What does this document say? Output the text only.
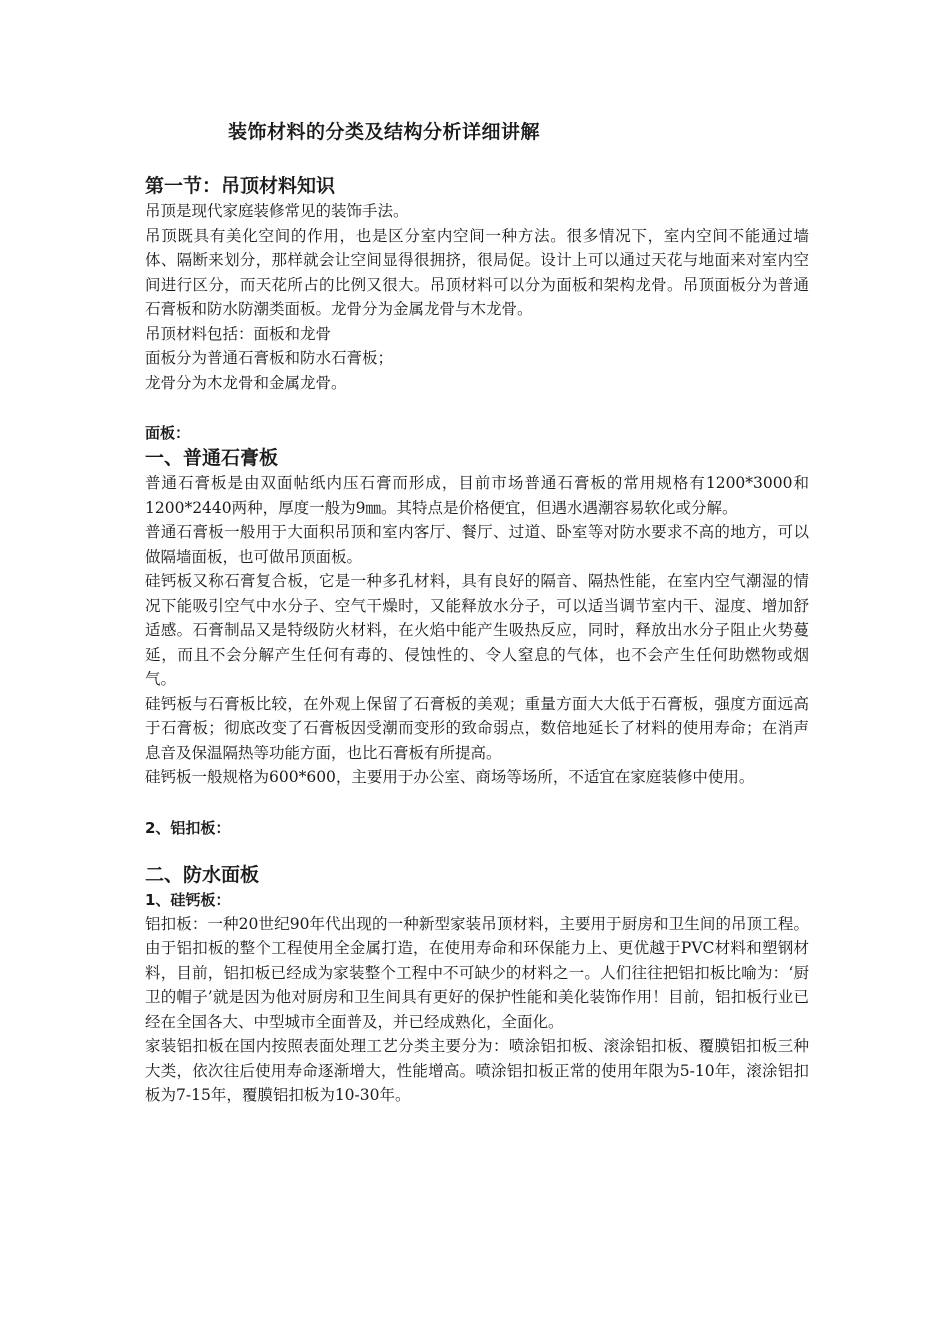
装饰材料的分类及结构分析详细讲解
第一节：吊顶材料知识

吊顶是现代家庭装修常见的装饰手法。

吊顶既具有美化空间的作用，也是区分室内空间一种方法。很多情况下，室内空间不能通过墙体、隔断来划分，那样就会让空间显得很拥挤，很局促。设计上可以通过天花与地面来对室内空间进行区分，而天花所占的比例又很大。吊顶材料可以分为面板和架构龙骨。吊顶面板分为普通石膏板和防水防潮类面板。龙骨分为金属龙骨与木龙骨。

吊顶材料包括：面板和龙骨

面板分为普通石膏板和防水石膏板；

龙骨分为木龙骨和金属龙骨。

面板：
一、普通石膏板

普通石膏板是由双面帖纸内压石膏而形成，目前市场普通石膏板的常用规格有1200*3000和1200*2440两种，厚度一般为9㎜。其特点是价格便宜，但遇水遇潮容易软化或分解。

普通石膏板一般用于大面积吊顶和室内客厅、餐厅、过道、卧室等对防水要求不高的地方，可以做隔墙面板，也可做吊顶面板。

硅钙板又称石膏复合板，它是一种多孔材料，具有良好的隔音、隔热性能，在室内空气潮湿的情况下能吸引空气中水分子、空气干燥时，又能释放水分子，可以适当调节室内干、湿度、增加舒适感。石膏制品又是特级防火材料，在火焰中能产生吸热反应，同时，释放出水分子阻止火势蔓延，而且不会分解产生任何有毒的、侵蚀性的、令人窒息的气体，也不会产生任何助燃物或烟气。

硅钙板与石膏板比较，在外观上保留了石膏板的美观；重量方面大大低于石膏板，强度方面远高于石膏板；彻底改变了石膏板因受潮而变形的致命弱点，数倍地延长了材料的使用寿命；在消声息音及保温隔热等功能方面，也比石膏板有所提高。

硅钙板一般规格为600*600，主要用于办公室、商场等场所，不适宜在家庭装修中使用。

2、铝扣板：
二、防水面板
1、硅钙板：

铝扣板：一种20世纪90年代出现的一种新型家装吊顶材料，主要用于厨房和卫生间的吊顶工程。由于铝扣板的整个工程使用全金属打造，在使用寿命和环保能力上、更优越于PVC材料和塑钢材料，目前，铝扣板已经成为家装整个工程中不可缺少的材料之一。人们往往把铝扣板比喻为：‘厨卫的帽子’就是因为他对厨房和卫生间具有更好的保护性能和美化装饰作用！目前，铝扣板行业已经在全国各大、中型城市全面普及，并已经成熟化，全面化。

家装铝扣板在国内按照表面处理工艺分类主要分为：喷涂铝扣板、滚涂铝扣板、覆膜铝扣板三种大类，依次往后使用寿命逐渐增大，性能增高。喷涂铝扣板正常的使用年限为5-10年，滚涂铝扣板为7-15年，覆膜铝扣板为10-30年。
